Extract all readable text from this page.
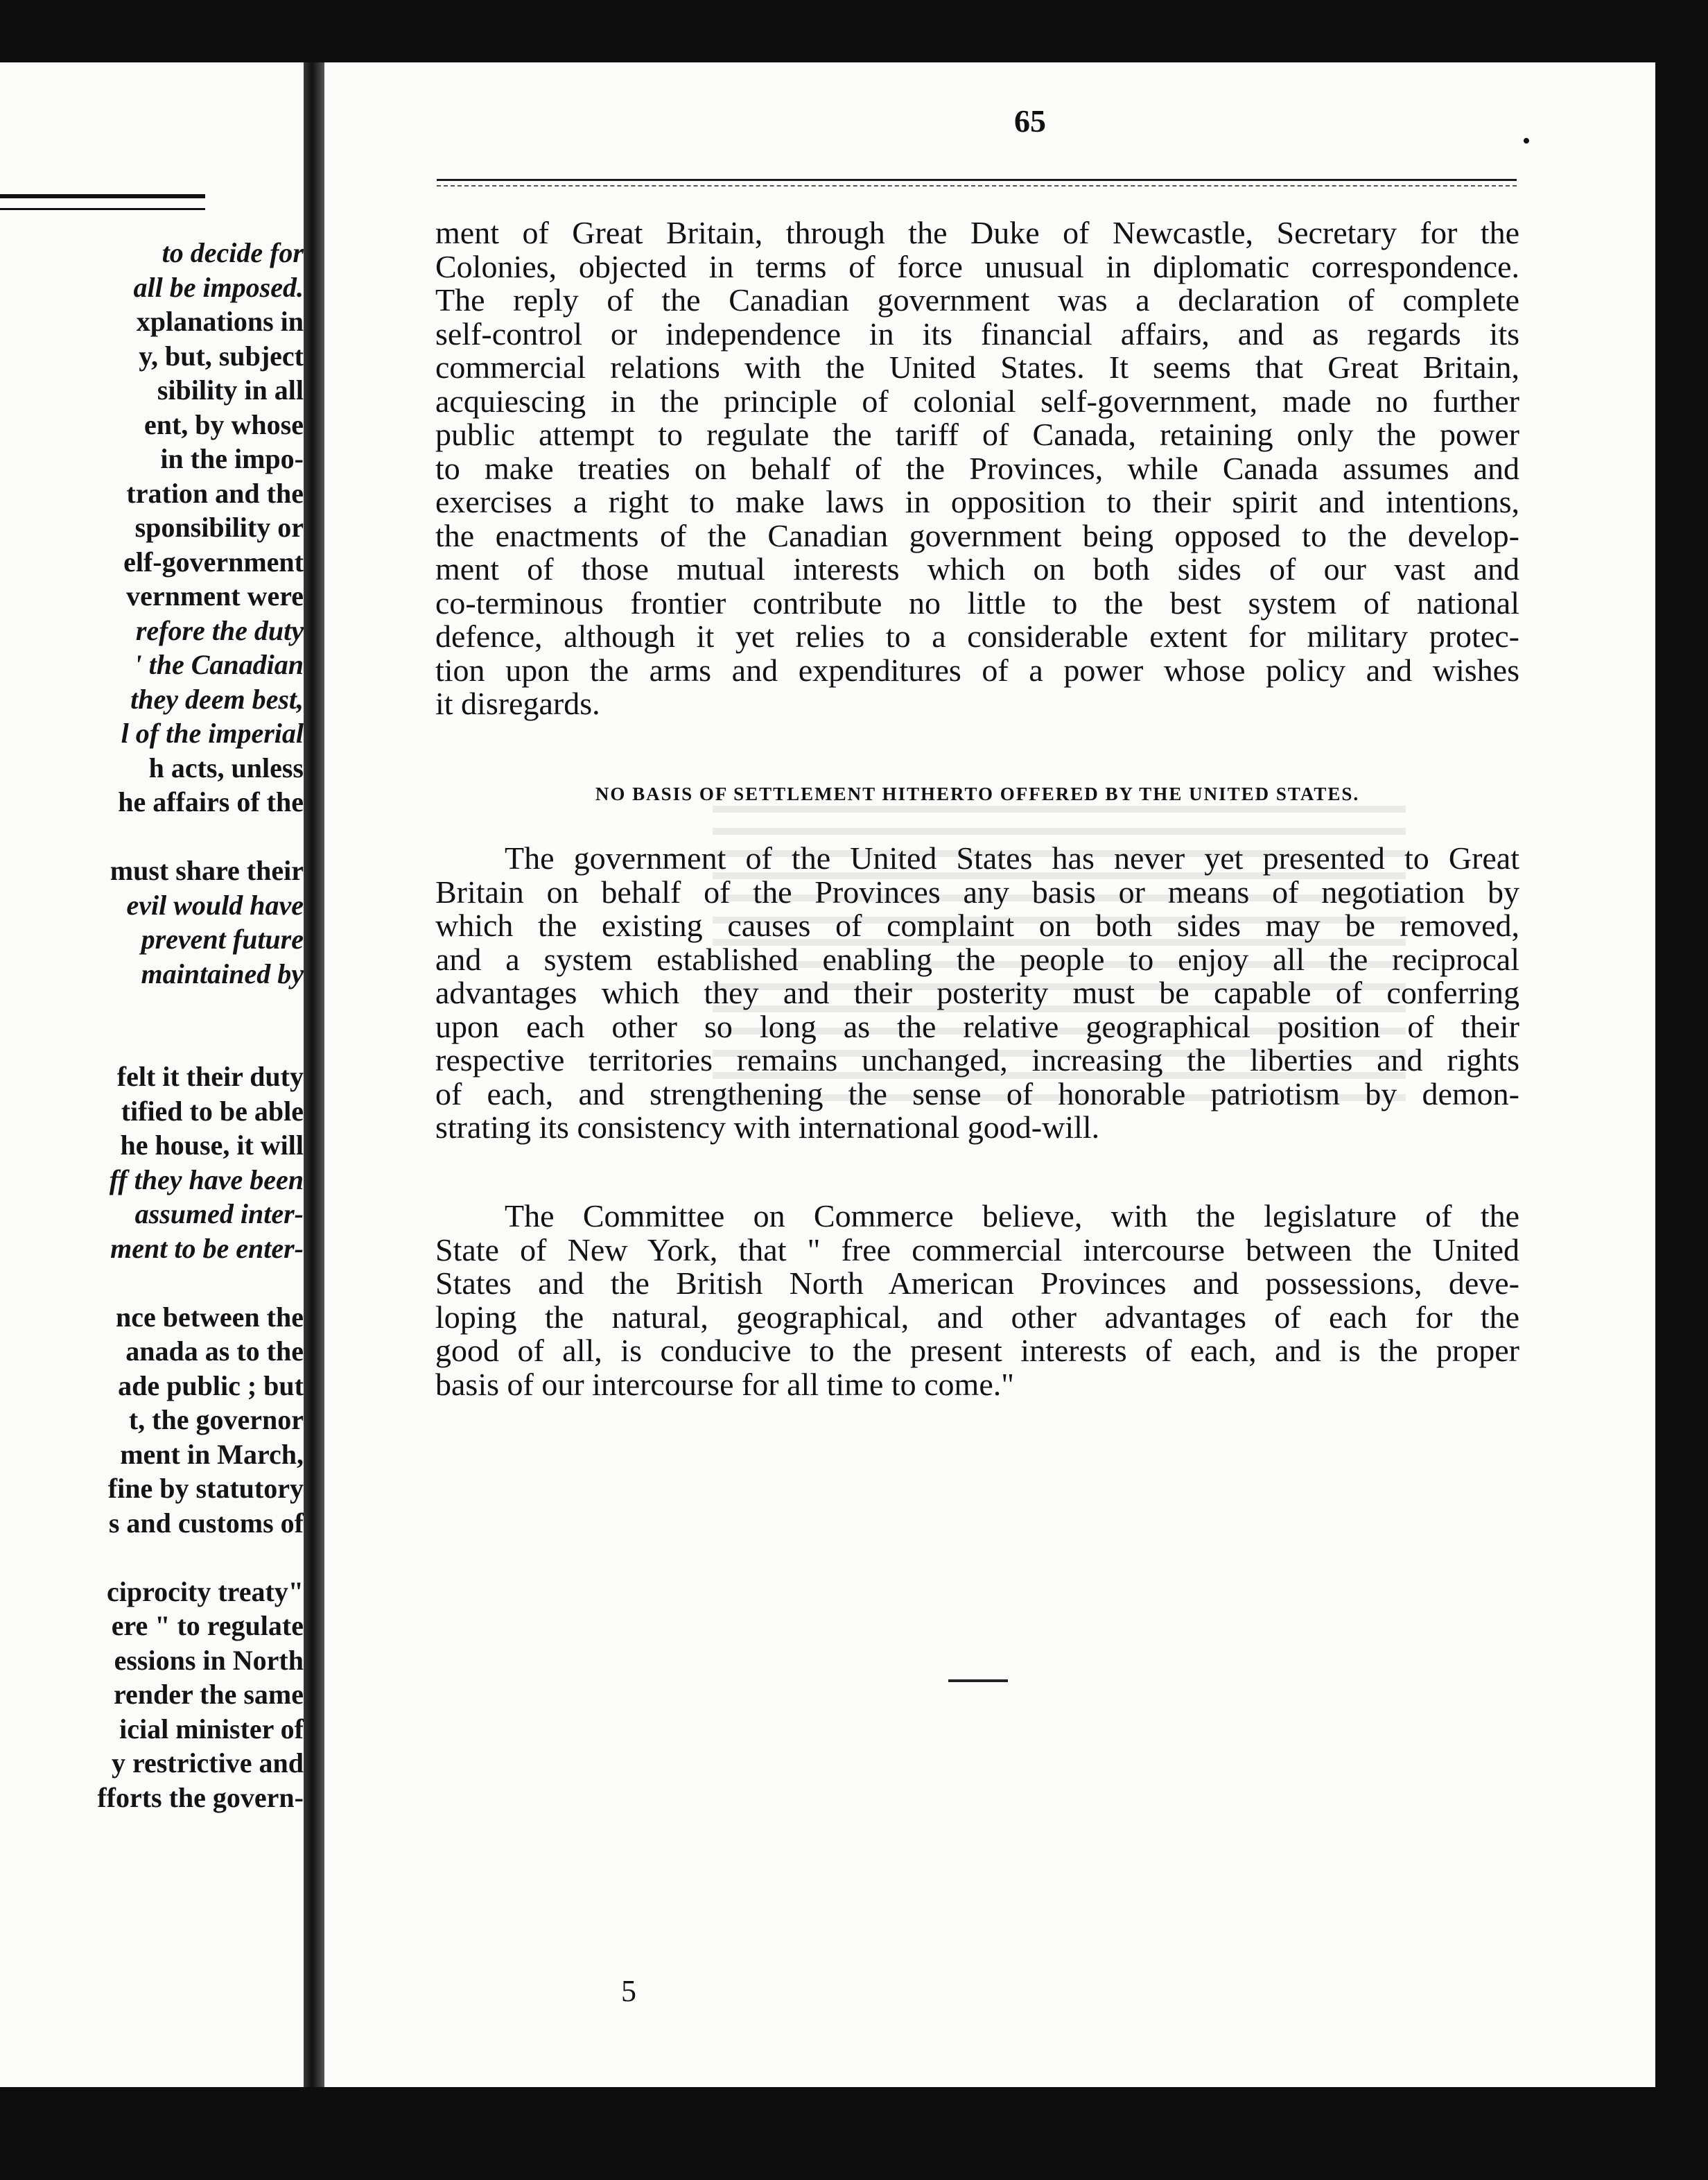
to decide for
all be imposed.
xplanations in
y, but, subject
sibility in all
ent, by whose
in the impo-
tration and the
sponsibility or
elf-government
vernment were
refore the duty
' the Canadian
they deem best,
l of the imperial
h acts, unless
he affairs of the
must share their
evil would have
prevent future
maintained by
felt it their duty
tified to be able
he house, it will
ff they have been
assumed inter-
ment to be enter-
nce between the
anada as to the
ade public ; but
t, the governor
ment in March,
fine by statutory
s and customs of
ciprocity treaty"
ere " to regulate
essions in North
render the same
icial minister of
y restrictive and
fforts the govern-
65
•
ment of Great Britain, through the Duke of Newcastle, Secretary for the
Colonies, objected in terms of force unusual in diplomatic correspondence.
The reply of the Canadian government was a declaration of complete
self-control or independence in its financial affairs, and as regards its
commercial relations with the United States. It seems that Great Britain,
acquiescing in the principle of colonial self-government, made no further
public attempt to regulate the tariff of Canada, retaining only the power
to make treaties on behalf of the Provinces, while Canada assumes and
exercises a right to make laws in opposition to their spirit and intentions,
the enactments of the Canadian government being opposed to the develop-
ment of those mutual interests which on both sides of our vast and
co-terminous frontier contribute no little to the best system of national
defence, although it yet relies to a considerable extent for military protec-
tion upon the arms and expenditures of a power whose policy and wishes
it disregards.
NO BASIS OF SETTLEMENT HITHERTO OFFERED BY THE UNITED STATES.
The government of the United States has never yet presented to Great
Britain on behalf of the Provinces any basis or means of negotiation by
which the existing causes of complaint on both sides may be removed,
and a system established enabling the people to enjoy all the reciprocal
advantages which they and their posterity must be capable of conferring
upon each other so long as the relative geographical position of their
respective territories remains unchanged, increasing the liberties and rights
of each, and strengthening the sense of honorable patriotism by demon-
strating its consistency with international good-will.
The Committee on Commerce believe, with the legislature of the
State of New York, that " free commercial intercourse between the United
States and the British North American Provinces and possessions, deve-
loping the natural, geographical, and other advantages of each for the
good of all, is conducive to the present interests of each, and is the proper
basis of our intercourse for all time to come."
5
